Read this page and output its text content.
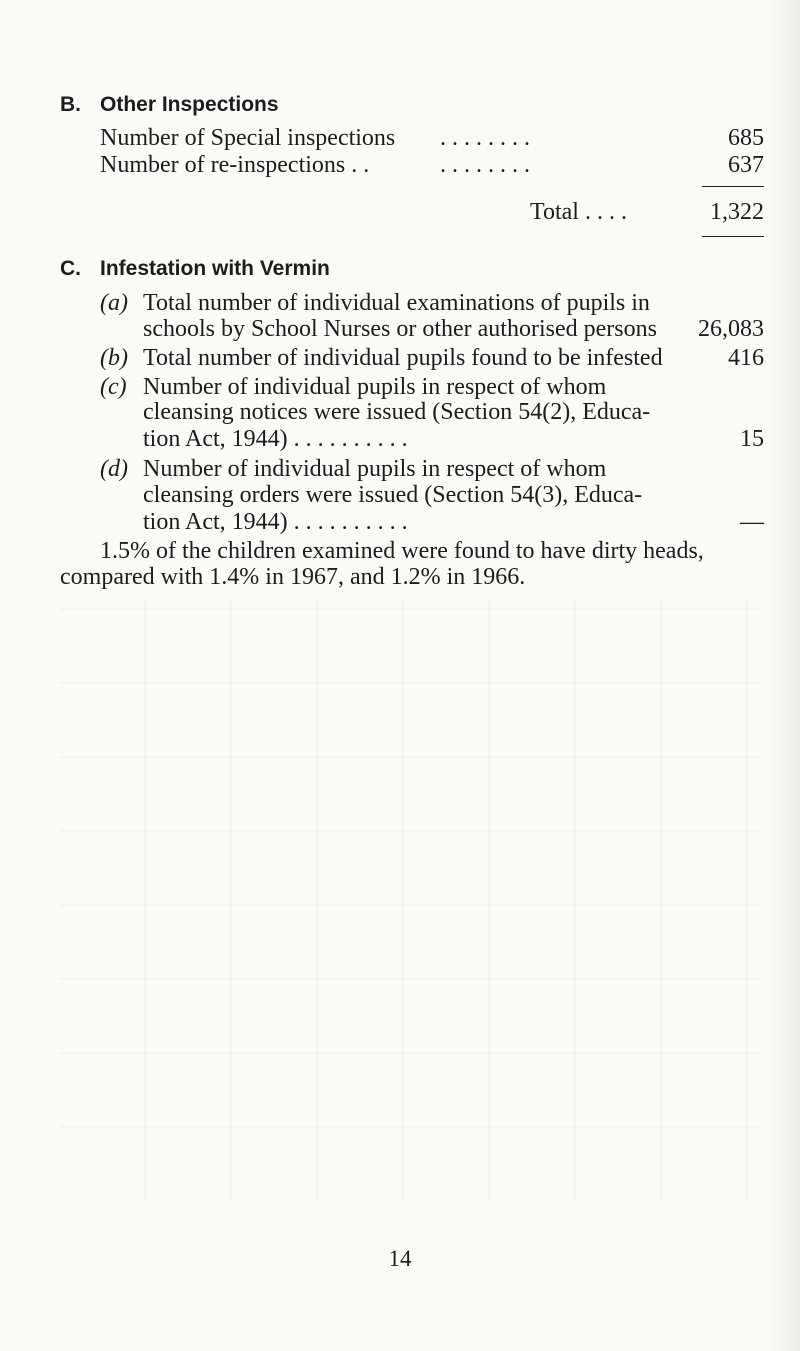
B. Other Inspections
Number of Special inspections . . . . . . . .	685
Number of re-inspections . .	. . . . . . . .	637
Total . . . .	1,322
C. Infestation with Vermin
(a) Total number of individual examinations of pupils in
schools by School Nurses or other authorised persons	26,083
(b) Total number of individual pupils found to be infested	416
(c) Number of individual pupils in respect of whom
cleansing notices were issued (Section 54(2), Educa-
tion Act, 1944) . . . . . . . . . .	15
(d) Number of individual pupils in respect of whom
cleansing orders were issued (Section 54(3), Educa-
tion Act, 1944) . . . . . . . . . .	—
1.5% of the children examined were found to have dirty heads,
compared with 1.4% in 1967, and 1.2% in 1966.
14
